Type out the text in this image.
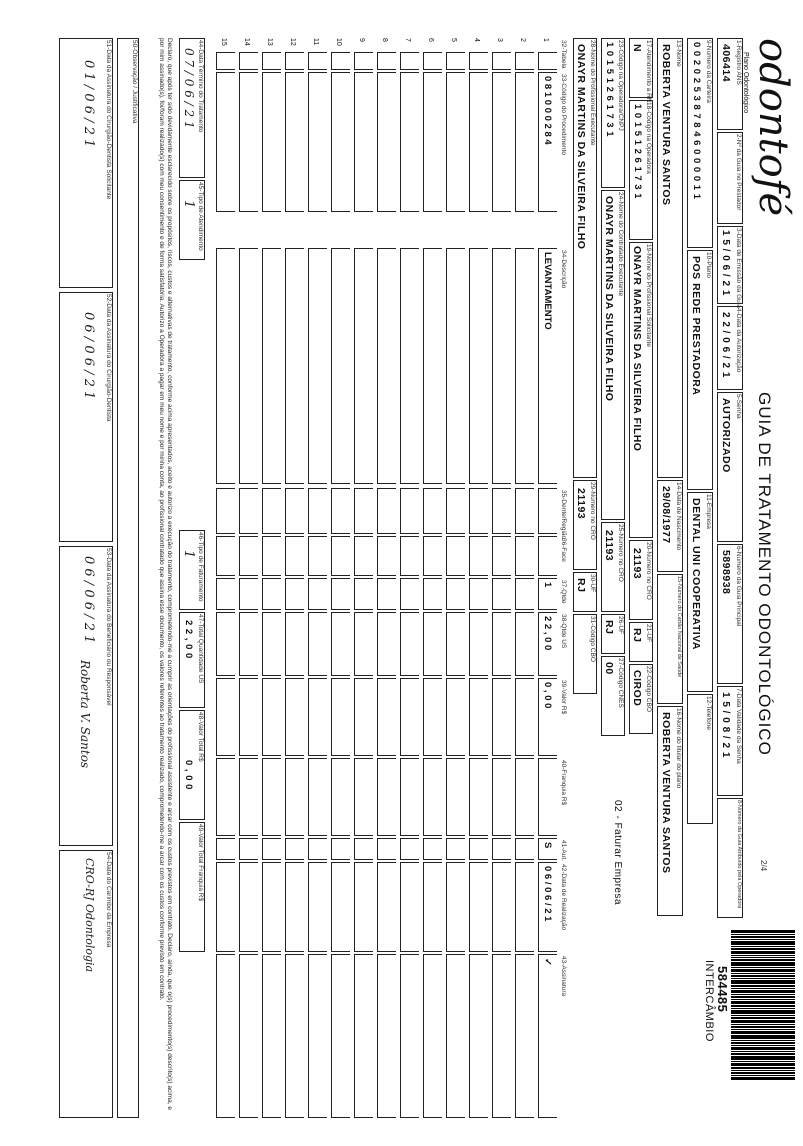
odontofé
Plano Odontológico
GUIA DE TRATAMENTO ODONTOLÓGICO
2/4
584485
INTERCÂMBIO
1-Registro ANS
406414
2-Nº da Guia no Prestador
3-Data de Emissão da Guia
1 5 / 0 6 / 2 1
4-Data da Autorização
2 2 / 0 6 / 2 1
5-Senha
AUTORIZADO
6-Número da Guia Principal
5898938
7-Data Validade da Senha
1 5 / 0 8 / 2 1
8-Número da Guia Atribuído pela Operadora
9-Número da Carteira
0 0 2 0 2 5 3 8 7 8 4 6 0 0 0 0 1 1
10-Plano
POS REDE PRESTADORA
11-Empresa
DENTAL UNI COOPERATIVA
12-Telefone
13-Nome
ROBERTA VENTURA SANTOS
14-Data de Nascimento
29/08/1977
15-Número do Cartão Nacional de Saúde
16-Nome do titular do plano
ROBERTA VENTURA SANTOS
17-Atendimento a RN
N
18-Código na Operadora
1 0 1 5 1 2 6 1 7 3 1
19-Nome do Profissional Solicitante
ONAYR MARTINS DA SILVEIRA FILHO
20-Número no CRO
21193
21-UF
RJ
22-Código CBO
CIROD
23-Código na Operadora/CNPJ
1 0 1 5 1 2 6 1 7 3 1
24-Nome do Contratado Executante
ONAYR MARTINS DA SILVEIRA FILHO
25-Número no CRO
21193
26-UF
RJ
27-Código CNES
00
02 - Faturar Empresa
28-Nome do Profissional Executante
ONAYR MARTINS DA SILVEIRA FILHO
29-Número no CRO
21193
30-UF
RJ
31-Código CBO
32-Tabela
33-Código do Procedimento
34-Descrição
35-Dente/Região
36-Face
37-Qtde
38-Qtde US
39-Valor R$
40-Franquia R$
41-Aut.
42-Data de Realização
43-Assinatura
1
0 8 1 0 0 0 2 8 4
LEVANTAMENTO
1
2 2 , 0 0
0 , 0 0
S
0 6 / 0 6 / 2 1
✓
2
3
4
5
6
7
8
9
10
11
12
13
14
15
44-Data Término do Tratamento
0 7 / 0 6 / 2 1
45-Tipo de Atendimento
1
46-Tipo de Faturamento
1
47-Total Quantidade US
2 2 , 0 0
48-Valor Total R$
0 , 0 0
49-Valor Total Franquia R$
Declaro, que após ter sido devidamente esclarecido sobre os propósitos, riscos, custos e alternativas de tratamento, conforme acima apresentados, aceito e autorizo a execução do tratamento, comprometendo-me a cumprir as orientações do profissional assistente e arcar com os custos previstos em contrato. Declaro, ainda, que o(s) procedimento(s) descrito(s) acima, e por mim assinado(s), foi/foram realizado(s) com meu consentimento e de forma satisfatória. Autorizo a Operadora a pagar em meu nome e por minha conta, ao profissional contratado que assina esse documento, os valores referentes ao tratamento realizado, comprometendo-me a arcar com os custos conforme previsto em contrato.
50-Observação / Justificativa
51-Data da Assinatura do Cirurgião-Dentista Solicitante
0 1 / 0 6 / 2 1
52-Data da Assinatura do Cirurgião-Dentista
0 6 / 0 6 / 2 1
53-Data da Assinatura do Beneficiário ou Responsável
0 6 / 0 6 / 2 1
Roberta V. Santos
54-Data do Carimbo da Empresa
CRO-RJ Odontologia
